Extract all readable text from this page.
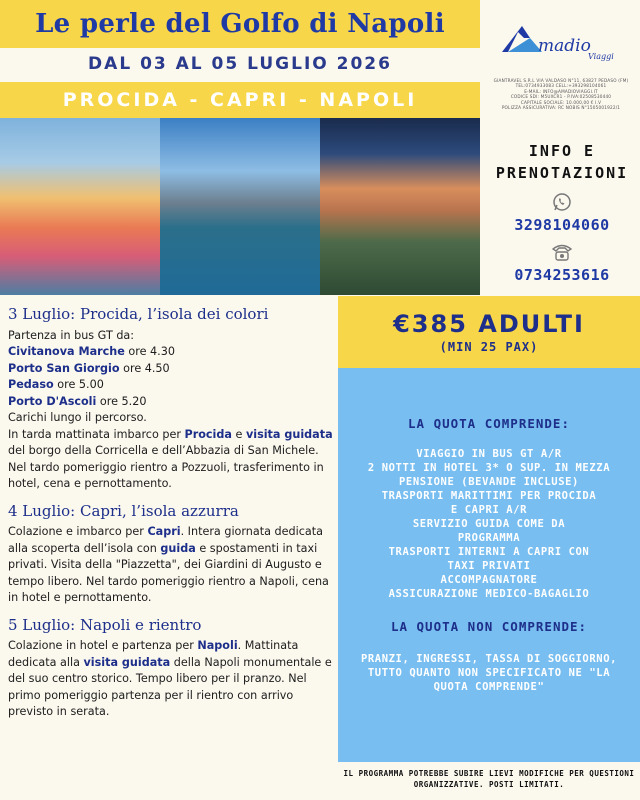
Le perle del Golfo di Napoli
DAL 03 AL 05 LUGLIO 2026
PROCIDA - CAPRI - NAPOLI
madio
Viaggi
GIANTRAVEL S.R.L VIA VALDASO N°11, 63827 PEDASO (FM)
TEL:0734933083 CELL:+393298104061
E-MAIL: INFO@AMADIOVIAGGI.IT
CODICE SDI: M5UXCR1 - P.IVA:02508530440
CAPITALE SOCIALE: 10.000,00 € I.V
POLIZZA ASSICURATIVA: RC NOBIS N°1505001922/1
INFO E
PRENOTAZIONI
3298104060
0734253616
3 Luglio: Procida, l’isola dei colori
Partenza in bus GT da:
Civitanova Marche ore 4.30
Porto San Giorgio ore 4.50
Pedaso ore 5.00
Porto D'Ascoli ore 5.20
Carichi lungo il percorso.
In tarda mattinata imbarco per Procida e visita guidata del borgo della Corricella e dell’Abbazia di San Michele. Nel tardo pomeriggio rientro a Pozzuoli, trasferimento in hotel, cena e pernottamento.
4 Luglio: Capri, l’isola azzurra
Colazione e imbarco per Capri. Intera giornata dedicata alla scoperta dell’isola con guida e spostamenti in taxi privati. Visita della "Piazzetta", dei Giardini di Augusto e tempo libero. Nel tardo pomeriggio rientro a Napoli, cena in hotel e pernottamento.
5 Luglio: Napoli e rientro
Colazione in hotel e partenza per Napoli. Mattinata dedicata alla visita guidata della Napoli monumentale e del suo centro storico. Tempo libero per il pranzo. Nel primo pomeriggio partenza per il rientro con arrivo previsto in serata.
€385 ADULTI
(MIN 25 PAX)
LA QUOTA COMPRENDE:
VIAGGIO IN BUS GT A/R
2 NOTTI IN HOTEL 3* O SUP. IN MEZZA
PENSIONE (BEVANDE INCLUSE)
TRASPORTI MARITTIMI PER PROCIDA
E CAPRI A/R
SERVIZIO GUIDA COME DA
PROGRAMMA
TRASPORTI INTERNI A CAPRI CON
TAXI PRIVATI
ACCOMPAGNATORE
ASSICURAZIONE MEDICO-BAGAGLIO
LA QUOTA NON COMPRENDE:
PRANZI, INGRESSI, TASSA DI SOGGIORNO, TUTTO QUANTO NON SPECIFICATO NE "LA QUOTA COMPRENDE"
IL PROGRAMMA POTREBBE SUBIRE LIEVI MODIFICHE PER QUESTIONI ORGANIZZATIVE. POSTI LIMITATI.
